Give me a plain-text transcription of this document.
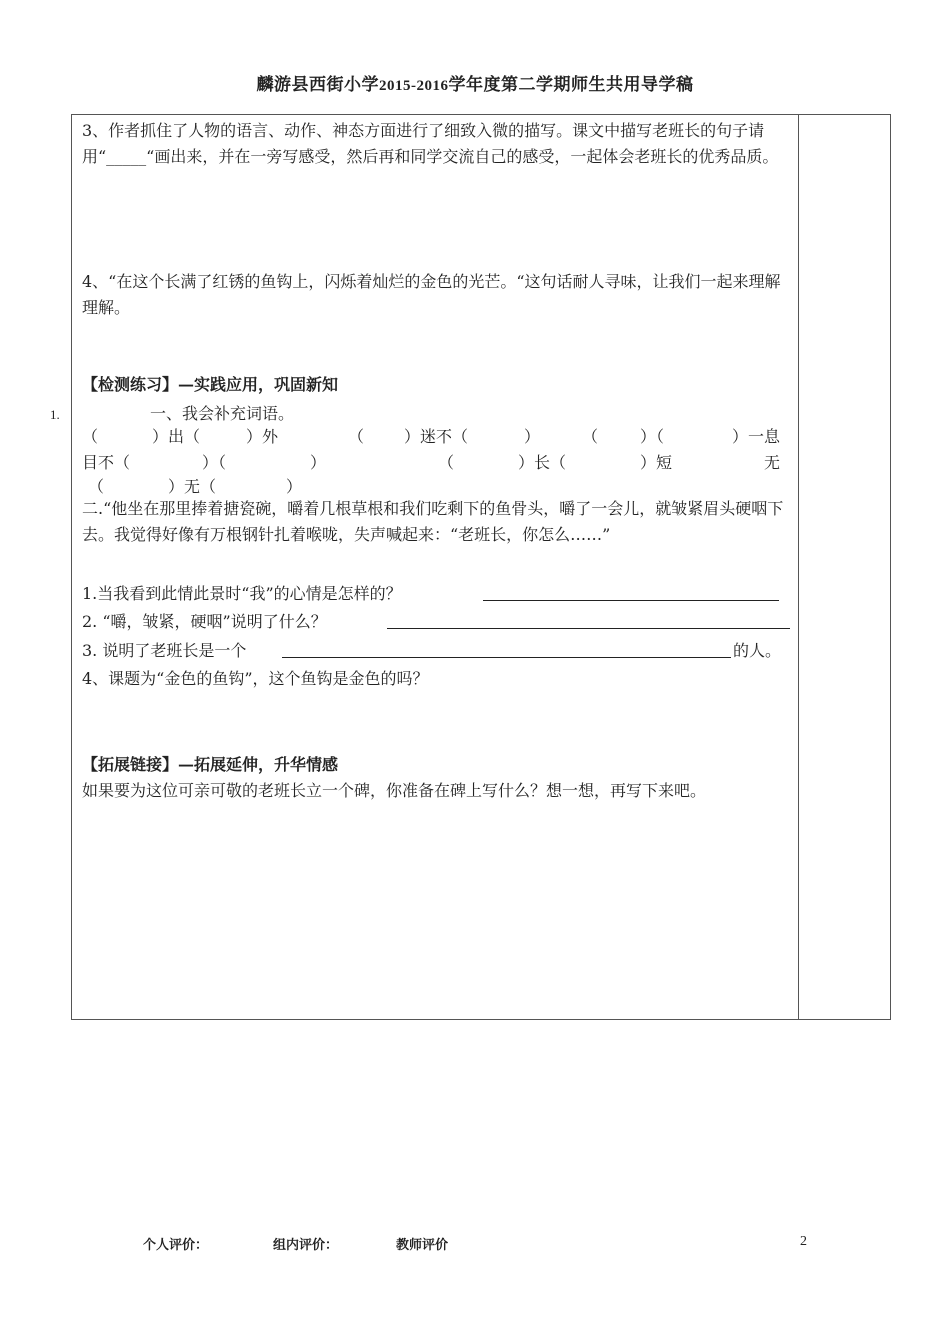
麟游县西街小学2015-2016学年度第二学期师生共用导学稿

3、作者抓住了人物的语言、动作、神态方面进行了细致入微的描写。课文中描写老班长的句子请用“_____“画出来，并在一旁写感受，然后再和同学交流自己的感受，一起体会老班长的优秀品质。

4、“在这个长满了红锈的鱼钩上，闪烁着灿烂的金色的光芒。“这句话耐人寻味，让我们一起来理解理解。

【检测练习】—实践应用，巩固新知

1.	一、我会补充词语。

（	）出（	）外	（ ）迷不（	）	（	）（	）一息
目不（	）（	）	（	）长（	）短	无
（	）无（	）

二.“他坐在那里捧着搪瓷碗，嚼着几根草根和我们吃剩下的鱼骨头，嚼了一会儿，就皱紧眉头硬咽下去。我觉得好像有万根钢针扎着喉咙，失声喊起来：“老班长，你怎么……”

1.当我看到此情此景时“我”的心情是怎样的？
2. “嚼，皱紧，硬咽”说明了什么？
3. 说明了老班长是一个	的人。
4、课题为“金色的鱼钩”，这个鱼钩是金色的吗？

【拓展链接】—拓展延伸，升华情感

如果要为这位可亲可敬的老班长立一个碑，你准备在碑上写什么？想一想，再写下来吧。

个人评价：	组内评价：	教师评价	2
